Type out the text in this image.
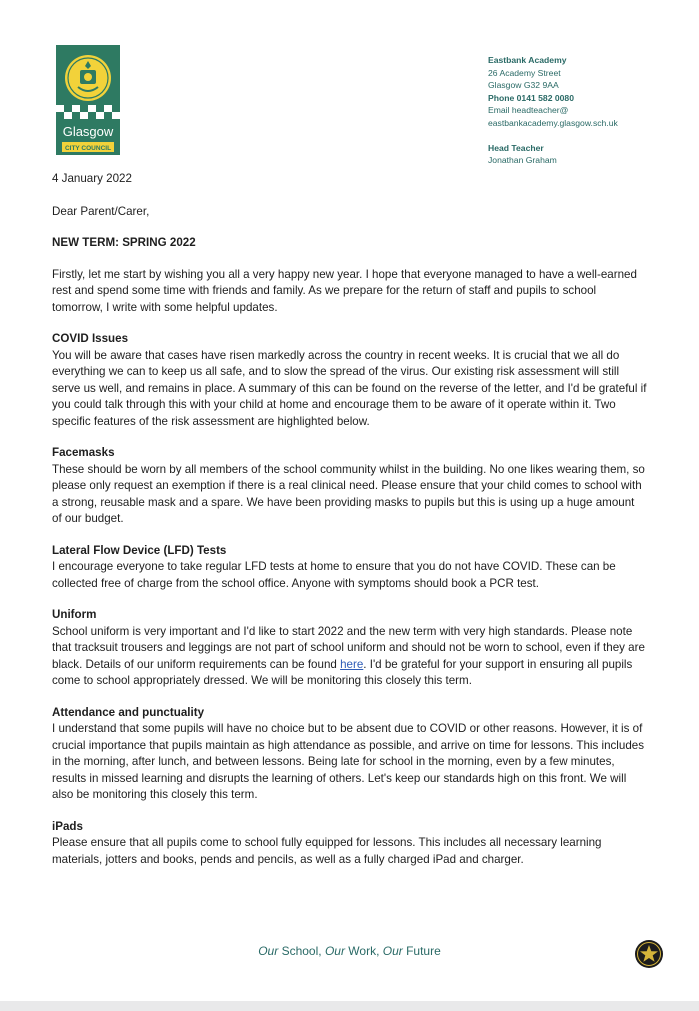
Glasgow
CITY COUNCIL
Eastbank Academy
26 Academy Street
Glasgow G32 9AA
Phone 0141 582 0080
Email headteacher@
eastbankacademy.glasgow.sch.uk
Head Teacher
Jonathan Graham

4 January 2022

Dear Parent/Carer,

NEW TERM: SPRING 2022

Firstly, let me start by wishing you all a very happy new year. I hope that everyone managed to have a well-earned rest and spend some time with friends and family. As we prepare for the return of staff and pupils to school tomorrow, I write with some helpful updates.

COVID Issues

You will be aware that cases have risen markedly across the country in recent weeks. It is crucial that we all do everything we can to keep us all safe, and to slow the spread of the virus. Our existing risk assessment will still serve us well, and remains in place. A summary of this can be found on the reverse of the letter, and I'd be grateful if you could talk through this with your child at home and encourage them to be aware of it operate within it. Two specific features of the risk assessment are highlighted below.

Facemasks

These should be worn by all members of the school community whilst in the building. No one likes wearing them, so please only request an exemption if there is a real clinical need. Please ensure that your child comes to school with a strong, reusable mask and a spare. We have been providing masks to pupils but this is using up a huge amount of our budget.

Lateral Flow Device (LFD) Tests

I encourage everyone to take regular LFD tests at home to ensure that you do not have COVID. These can be collected free of charge from the school office. Anyone with symptoms should book a PCR test.

Uniform

School uniform is very important and I'd like to start 2022 and the new term with very high standards. Please note that tracksuit trousers and leggings are not part of school uniform and should not be worn to school, even if they are black. Details of our uniform requirements can be found here. I'd be grateful for your support in ensuring all pupils come to school appropriately dressed. We will be monitoring this closely this term.

Attendance and punctuality

I understand that some pupils will have no choice but to be absent due to COVID or other reasons. However, it is of crucial importance that pupils maintain as high attendance as possible, and arrive on time for lessons. This includes in the morning, after lunch, and between lessons. Being late for school in the morning, even by a few minutes, results in missed learning and disrupts the learning of others. Let's keep our standards high on this front. We will also be monitoring this closely this term.

iPads

Please ensure that all pupils come to school fully equipped for lessons. This includes all necessary learning materials, jotters and books, pends and pencils, as well as a fully charged iPad and charger.

Our School, Our Work, Our Future
